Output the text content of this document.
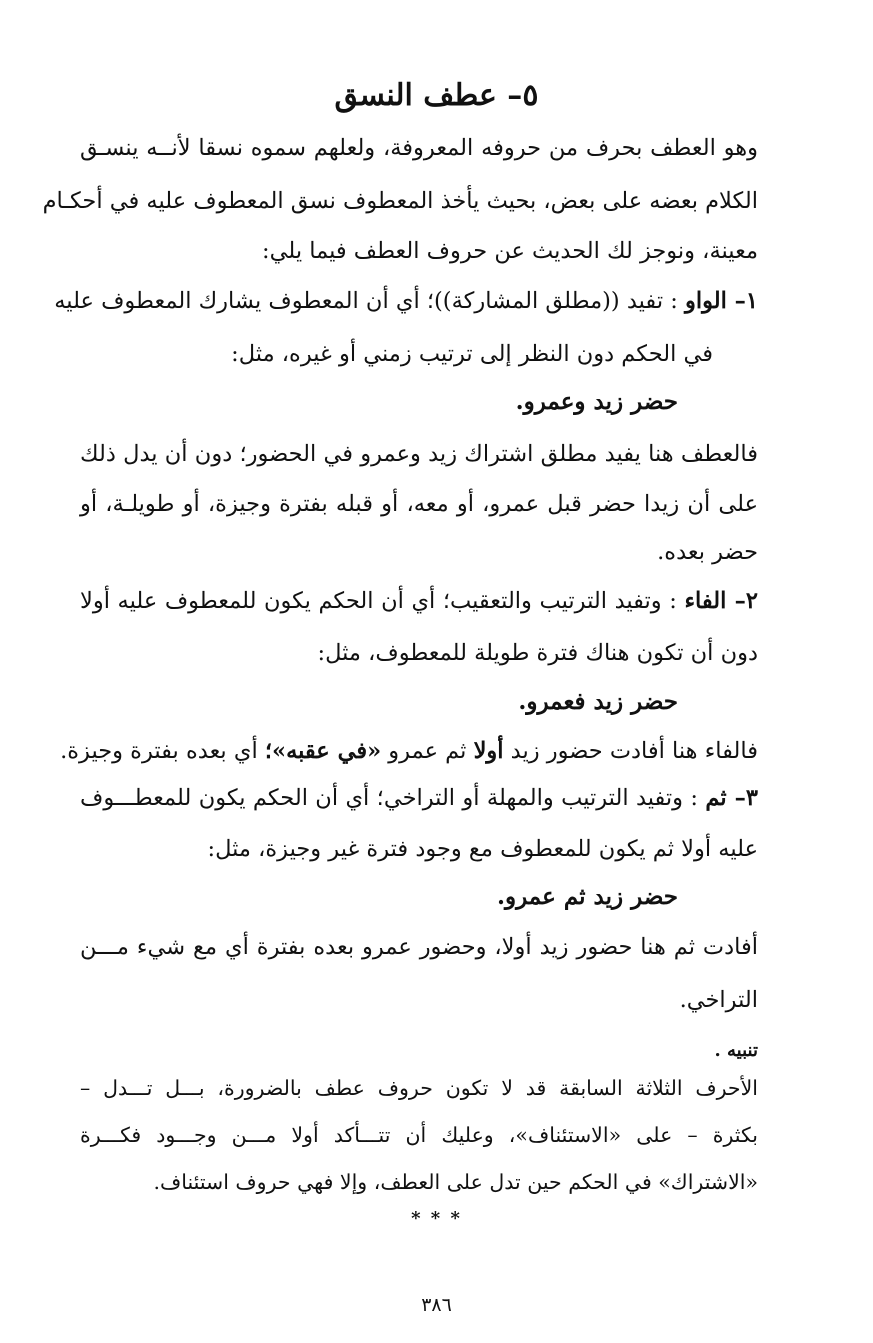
٥– عطف النسق
وهو العطف بحرف من حروفه المعروفة، ولعلهم سموه نسقا لأنــه ينسـق
الكلام بعضه على بعض، بحيث يأخذ المعطوف نسق المعطوف عليه في أحكـام
معينة، ونوجز لك الحديث عن حروف العطف فيما يلي:
١– الواو : تفيد ((مطلق المشاركة))؛ أي أن المعطوف يشارك المعطوف عليه
في الحكم دون النظر إلى ترتيب زمني أو غيره، مثل:
حضر زيد وعمرو.
فالعطف هنا يفيد مطلق اشتراك زيد وعمرو في الحضور؛ دون أن يدل ذلك
على أن زيدا حضر قبل عمرو، أو معه، أو قبله بفترة وجيزة، أو طويلـة، أو
حضر بعده.
٢– الفاء : وتفيد الترتيب والتعقيب؛ أي أن الحكم يكون للمعطوف عليه أولا
دون أن تكون هناك فترة طويلة للمعطوف، مثل:
حضر زيد فعمرو.
فالفاء هنا أفادت حضور زيد أولا ثم عمرو «في عقبه»؛ أي بعده بفترة وجيزة.
٣– ثم : وتفيد الترتيب والمهلة أو التراخي؛ أي أن الحكم يكون للمعطـــوف
عليه أولا ثم يكون للمعطوف مع وجود فترة غير وجيزة، مثل:
حضر زيد ثم عمرو.
أفادت ثم هنا حضور زيد أولا، وحضور عمرو بعده بفترة أي مع شيء مـــن
التراخي.
تنبيه .
الأحرف الثلاثة السابقة قد لا تكون حروف عطف بالضرورة، بـــل تـــدل –
بكثرة – على «الاستئناف»، وعليك أن تتـــأكد أولا مـــن وجـــود فكـــرة
«الاشتراك» في الحكم حين تدل على العطف، وإلا فهي حروف استئناف.
* * *
٣٨٦
